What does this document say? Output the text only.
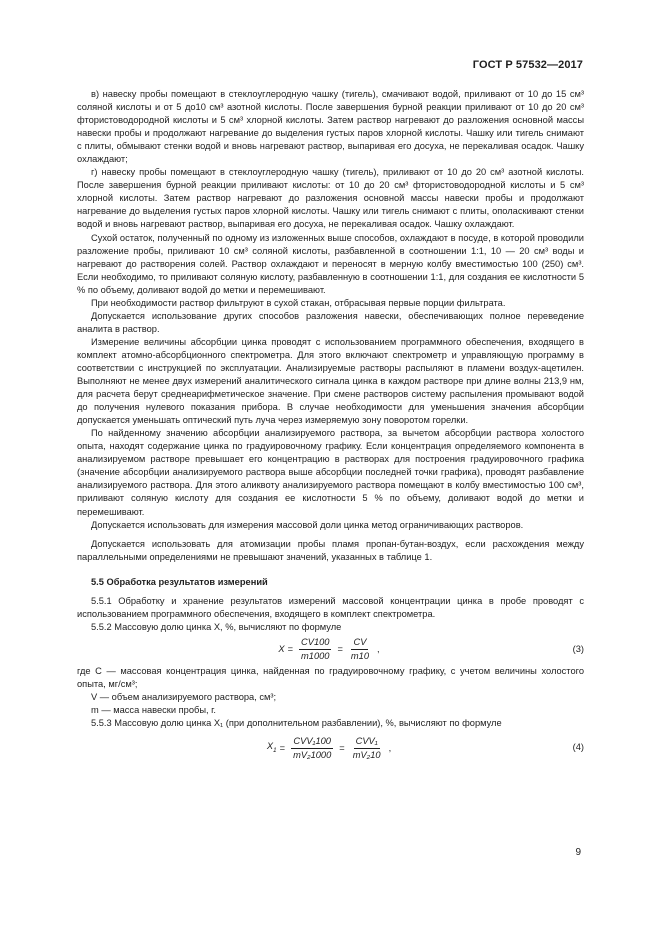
ГОСТ Р 57532—2017

в) навеску пробы помещают в стеклоуглеродную чашку (тигель), смачивают водой, приливают от 10 до 15 см³ соляной кислоты и от 5 до10 см³ азотной кислоты. После завершения бурной реакции приливают от 10 до 20 см³ фтористоводородной кислоты и 5 см³ хлорной кислоты. Затем раствор нагревают до разложения основной массы навески пробы и продолжают нагревание до выделения густых паров хлорной кислоты. Чашку или тигель снимают с плиты, обмывают стенки водой и вновь нагревают раствор, выпаривая его досуха, не перекаливая осадок. Чашку охлаждают;

г) навеску пробы помещают в стеклоуглеродную чашку (тигель), приливают от 10 до 20 см³ азотной кислоты. После завершения бурной реакции приливают кислоты: от 10 до 20 см³ фтористоводородной кислоты и 5 см³ хлорной кислоты. Затем раствор нагревают до разложения основной массы навески пробы и продолжают нагревание до выделения густых паров хлорной кислоты. Чашку или тигель снимают с плиты, ополаскивают стенки водой и вновь нагревают раствор, выпаривая его досуха, не перекаливая осадок. Чашку охлаждают.

Сухой остаток, полученный по одному из изложенных выше способов, охлаждают в посуде, в которой проводили разложение пробы, приливают 10 см³ соляной кислоты, разбавленной в соотношении 1:1, 10 — 20 см³ воды и нагревают до растворения солей. Раствор охлаждают и переносят в мерную колбу вместимостью 100 (250) см³. Если необходимо, то приливают соляную кислоту, разбавленную в соотношении 1:1, для создания ее кислотности 5 % по объему, доливают водой до метки и перемешивают.

При необходимости раствор фильтруют в сухой стакан, отбрасывая первые порции фильтрата.

Допускается использование других способов разложения навески, обеспечивающих полное переведение аналита в раствор.

Измерение величины абсорбции цинка проводят с использованием программного обеспечения, входящего в комплект атомно-абсорбционного спектрометра. Для этого включают спектрометр и управляющую программу в соответствии с инструкцией по эксплуатации. Анализируемые растворы распыляют в пламени воздух-ацетилен. Выполняют не менее двух измерений аналитического сигнала цинка в каждом растворе при длине волны 213,9 нм, для расчета берут среднеарифметическое значение. При смене растворов систему распыления промывают водой до получения нулевого показания прибора. В случае необходимости для уменьшения значения абсорбции допускается уменьшать оптический путь луча через измеряемую зону поворотом горелки.

По найденному значению абсорбции анализируемого раствора, за вычетом абсорбции раствора холостого опыта, находят содержание цинка по градуировочному графику. Если концентрация определяемого компонента в анализируемом растворе превышает его концентрацию в растворах для построения градуировочного графика (значение абсорбции анализируемого раствора выше абсорбции последней точки графика), проводят разбавление анализируемого раствора. Для этого аликвоту анализируемого раствора помещают в колбу вместимостью 100 см³, приливают соляную кислоту для создания ее кислотности 5 % по объему, доливают водой до метки и перемешивают.

Допускается использовать для измерения массовой доли цинка метод ограничивающих растворов.

Допускается использовать для атомизации пробы пламя пропан-бутан-воздух, если расхождения между параллельными определениями не превышают значений, указанных в таблице 1.

5.5 Обработка результатов измерений

5.5.1 Обработку и хранение результатов измерений массовой концентрации цинка в пробе проводят с использованием программного обеспечения, входящего в комплект спектрометра.

5.5.2 Массовую долю цинка X, %, вычисляют по формуле

$X = \frac{CV100}{m1000} = \frac{CV}{m10}$ ,	(3)

где C — массовая концентрация цинка, найденная по градуировочному графику, с учетом величины холостого опыта, мг/см³;

V — объем анализируемого раствора, см³;

m — масса навески пробы, г.

5.5.3 Массовую долю цинка X₁ (при дополнительном разбавлении), %, вычисляют по формуле

$X_1 = \frac{\text{CVV₁100}}{\text{mV₂1000}} = \frac{\text{CVV₁}}{\text{mV₂10}}$ ,	(4)
9
